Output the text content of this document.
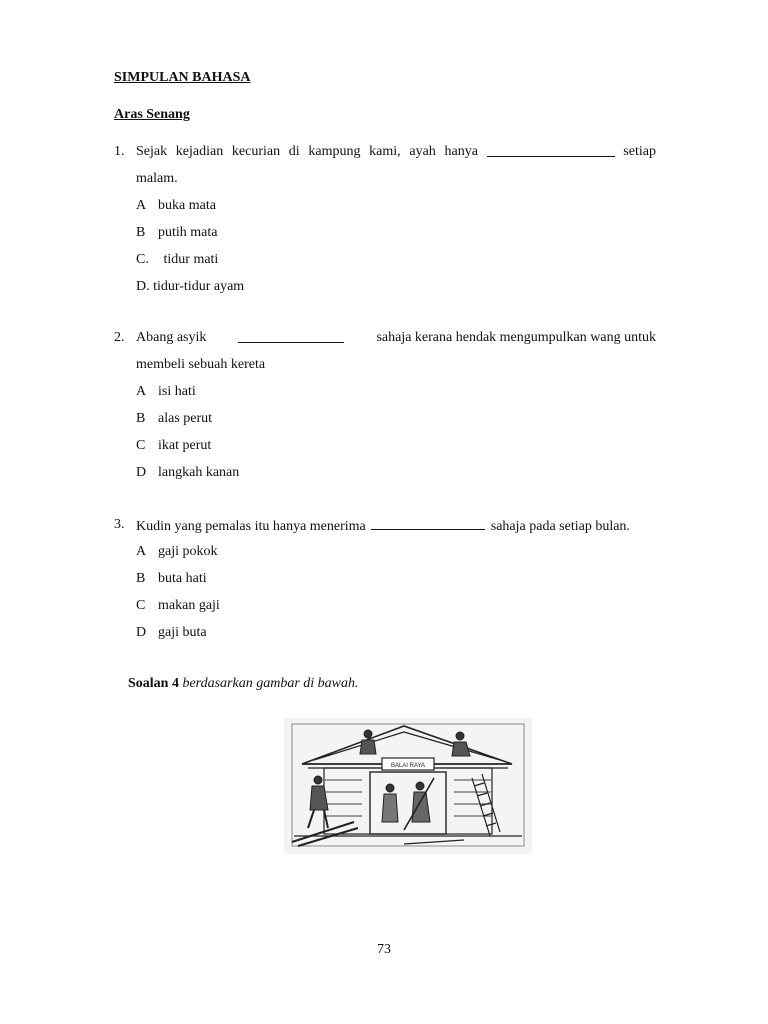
SIMPULAN BAHASA
Aras Senang
1. Sejak kejadian kecurian di kampung kami, ayah hanya	setiap
malam.
A buka mata
B putih mata
C. tidur mati
D. tidur-tidur ayam
2. Abang asyik	sahaja kerana hendak mengumpulkan wang untuk
membeli sebuah kereta
A isi hati
B alas perut
C ikat perut
D langkah kanan
3. Kudin yang pemalas itu hanya menerima	sahaja pada setiap bulan.
A gaji pokok
B buta hati
C makan gaji
D gaji buta
Soalan 4 berdasarkan gambar di bawah.
BALAI RAYA
73
